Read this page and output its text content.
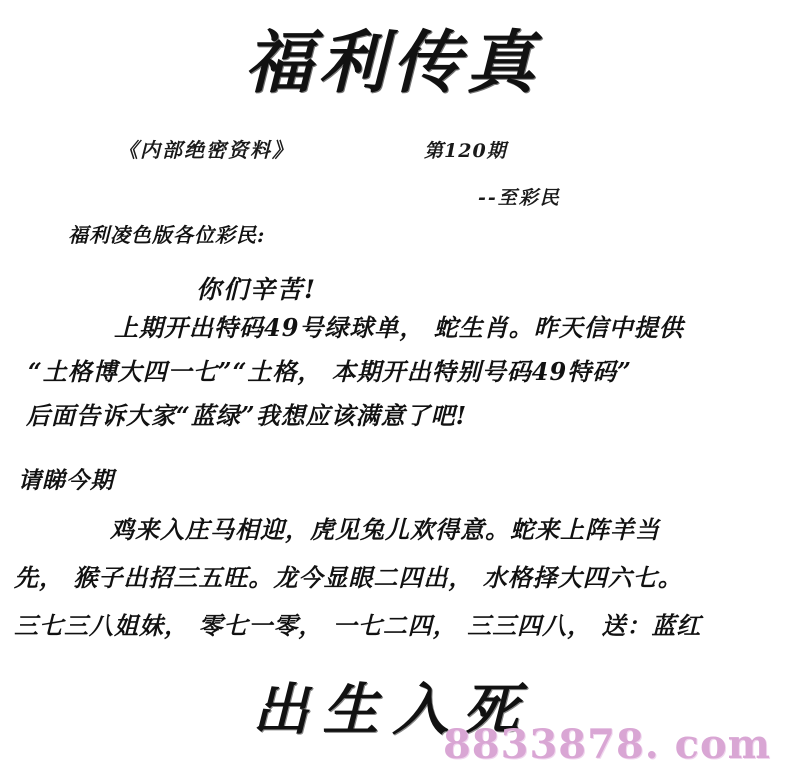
福利传真
《内部绝密资料》	第120期
--至彩民
福利凌色版各位彩民:
你们辛苦!
上期开出特码49号绿球单， 蛇生肖。昨天信中提供
“土格博大四一七”“土格， 本期开出特别号码49特码”
后面告诉大家“蓝绿”我想应该满意了吧!
请睇今期
鸡来入庄马相迎，虎见兔儿欢得意。蛇来上阵羊当
先， 猴子出招三五旺。龙今显眼二四出， 水格择大四六七。
三七三八姐妹， 零七一零， 一七二四， 三三四八， 送：蓝红
出生入死
8833878. com
